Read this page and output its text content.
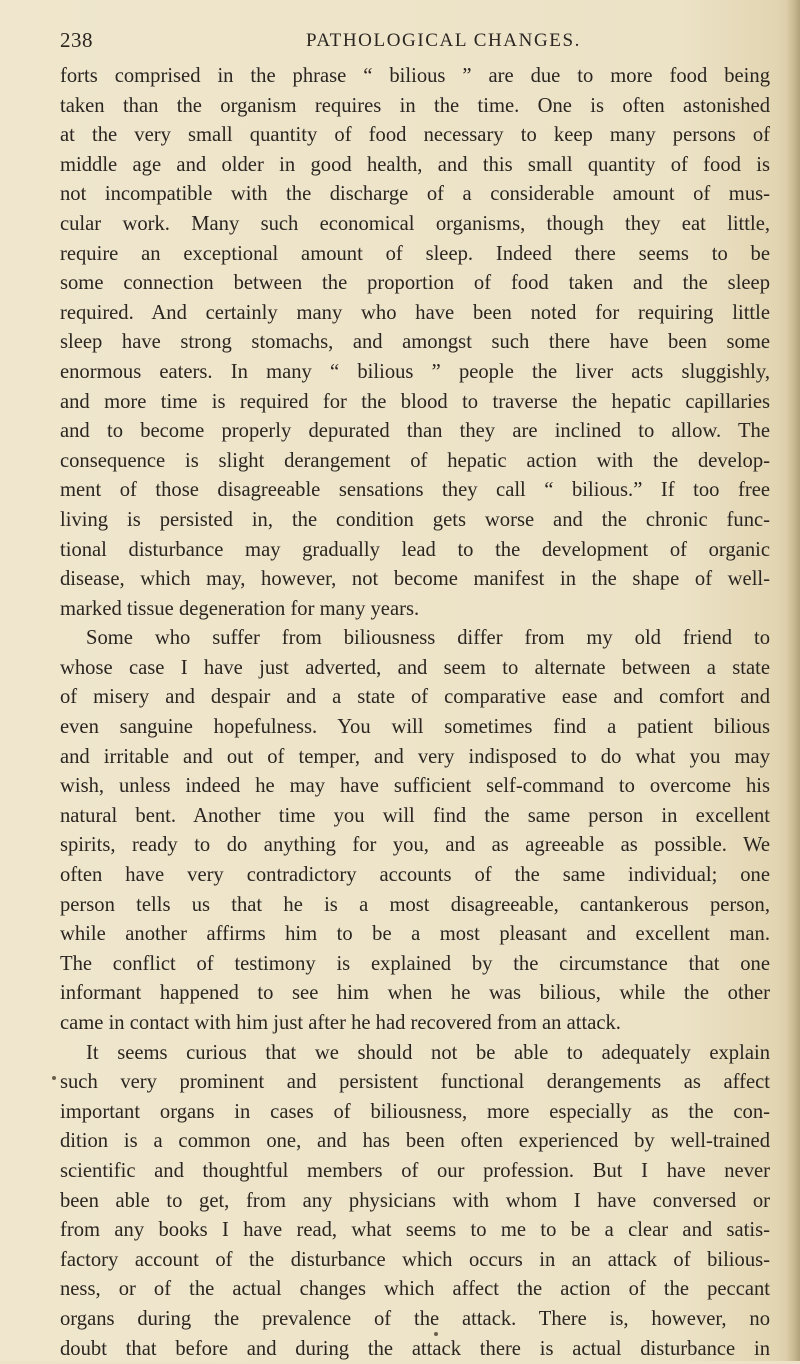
238	PATHOLOGICAL CHANGES.
forts comprised in the phrase “ bilious ” are due to more food being
taken than the organism requires in the time. One is often astonished
at the very small quantity of food necessary to keep many persons of
middle age and older in good health, and this small quantity of food is
not incompatible with the discharge of a considerable amount of mus-
cular work. Many such economical organisms, though they eat little,
require an exceptional amount of sleep. Indeed there seems to be
some connection between the proportion of food taken and the sleep
required. And certainly many who have been noted for requiring little
sleep have strong stomachs, and amongst such there have been some
enormous eaters. In many “ bilious ” people the liver acts sluggishly,
and more time is required for the blood to traverse the hepatic capillaries
and to become properly depurated than they are inclined to allow. The
consequence is slight derangement of hepatic action with the develop-
ment of those disagreeable sensations they call “ bilious.” If too free
living is persisted in, the condition gets worse and the chronic func-
tional disturbance may gradually lead to the development of organic
disease, which may, however, not become manifest in the shape of well-
marked tissue degeneration for many years.
Some who suffer from biliousness differ from my old friend to
whose case I have just adverted, and seem to alternate between a state
of misery and despair and a state of comparative ease and comfort and
even sanguine hopefulness. You will sometimes find a patient bilious
and irritable and out of temper, and very indisposed to do what you may
wish, unless indeed he may have sufficient self-command to overcome his
natural bent. Another time you will find the same person in excellent
spirits, ready to do anything for you, and as agreeable as possible. We
often have very contradictory accounts of the same individual; one
person tells us that he is a most disagreeable, cantankerous person,
while another affirms him to be a most pleasant and excellent man.
The conflict of testimony is explained by the circumstance that one
informant happened to see him when he was bilious, while the other
came in contact with him just after he had recovered from an attack.
It seems curious that we should not be able to adequately explain
such very prominent and persistent functional derangements as affect
important organs in cases of biliousness, more especially as the con-
dition is a common one, and has been often experienced by well-trained
scientific and thoughtful members of our profession. But I have never
been able to get, from any physicians with whom I have conversed or
from any books I have read, what seems to me to be a clear and satis-
factory account of the disturbance which occurs in an attack of bilious-
ness, or of the actual changes which affect the action of the peccant
organs during the prevalence of the attack. There is, however, no
doubt that before and during the attack there is actual disturbance in
